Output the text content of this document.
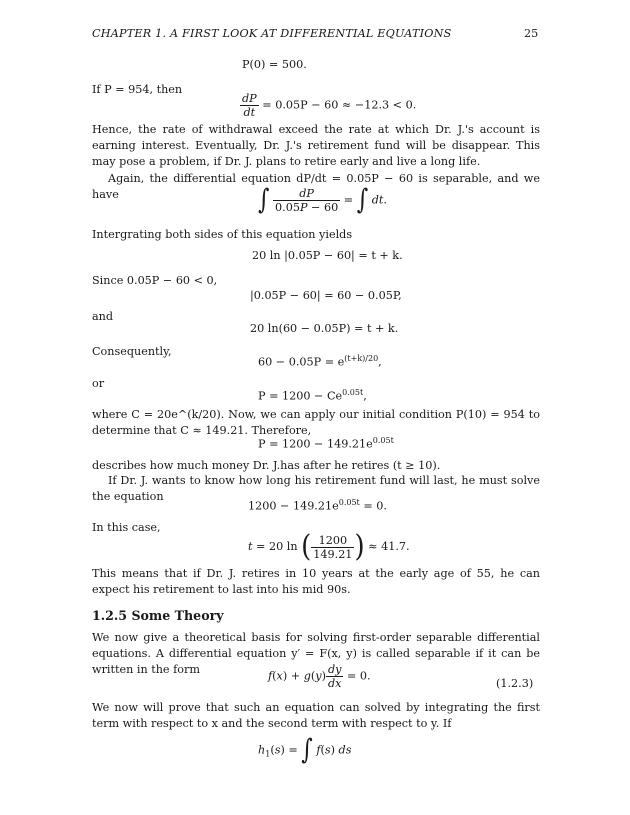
CHAPTER 1. A FIRST LOOK AT DIFFERENTIAL EQUATIONS	25
P(0) = 500.
If P = 954, then
$\frac{dP}{dt} = 0.05P - 60 \approx -12.3 < 0$.
Hence, the rate of withdrawal exceed the rate at which Dr. J.'s account is earning interest. Eventually, Dr. J.'s retirement fund will be disappear. This may pose a problem, if Dr. J. plans to retire early and live a long life.
Again, the differential equation dP/dt = 0.05P − 60 is separable, and we have	∫ $\frac{dP}{0.05P - 60}$ = ∫ dt.
Intergrating both sides of this equation yields
20 ln |0.05P − 60| = t + k.
Since 0.05P − 60 < 0,
|0.05P − 60| = 60 − 0.05P,
and
20 ln(60 − 0.05P) = t + k.
Consequently,
$60 - 0.05P = e^{(t+k)/20}$,
or
$P = 1200 - Ce^{0.05t}$,
where C = 20e^(k/20). Now, we can apply our initial condition P(10) = 954 to determine that C ≈ 149.21. Therefore,
$P = 1200 - 149.21e^{0.05t}$
describes how much money Dr. J.has after he retires (t ≥ 10).
If Dr. J. wants to know how long his retirement fund will last, he must solve the equation
$1200 - 149.21e^{0.05t} = 0$.
In this case,
t = 20 ln ( $\frac{1200}{149.21}$ ) ≈ 41.7.
This means that if Dr. J. retires in 10 years at the early age of 55, he can expect his retirement to last into his mid 90s.
1.2.5 Some Theory
We now give a theoretical basis for solving first-order separable differential equations. A differential equation y′ = F(x, y) is called separable if it can be written in the form	$f(x) + g(y) \frac{dy}{dx} = 0$.
(1.2.3)
We now will prove that such an equation can solved by integrating the first term with respect to x and the second term with respect to y. If
$h_1(s)$ = ∫ f(s) ds
